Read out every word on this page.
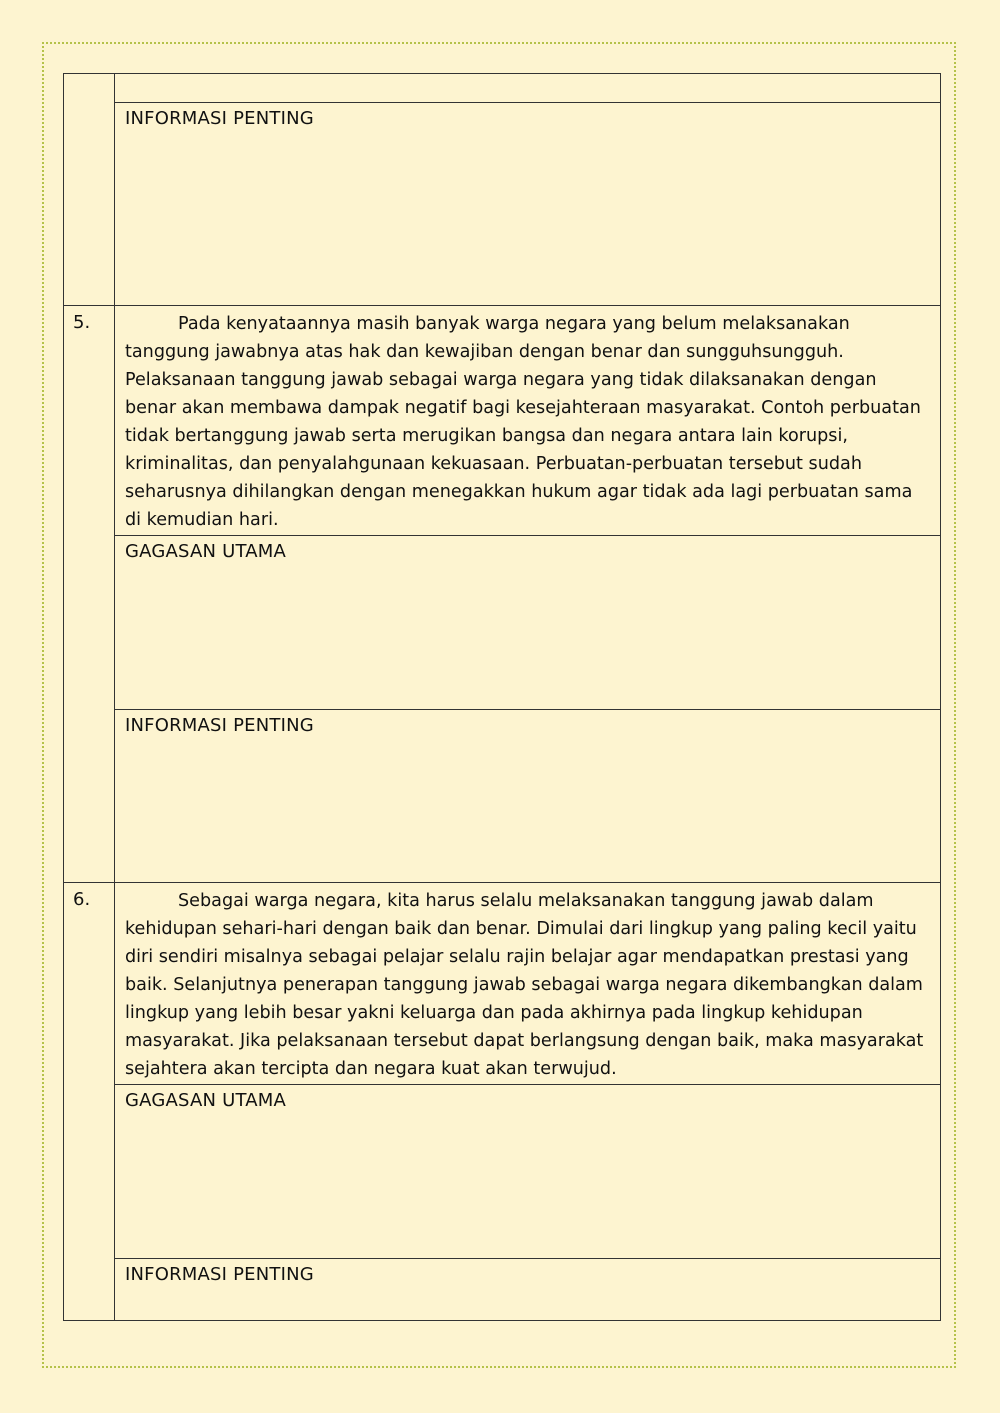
	INFORMASI PENTING

5.	Pada kenyataannya masih banyak warga negara yang belum melaksanakan tanggung jawabnya atas hak dan kewajiban dengan benar dan sungguhsungguh. Pelaksanaan tanggung jawab sebagai warga negara yang tidak dilaksanakan dengan benar akan membawa dampak negatif bagi kesejahteraan masyarakat. Contoh perbuatan tidak bertanggung jawab serta merugikan bangsa dan negara antara lain korupsi, kriminalitas, dan penyalahgunaan kekuasaan. Perbuatan-perbuatan tersebut sudah seharusnya dihilangkan dengan menegakkan hukum agar tidak ada lagi perbuatan sama di kemudian hari.

	GAGASAN UTAMA

	INFORMASI PENTING

6.	Sebagai warga negara, kita harus selalu melaksanakan tanggung jawab dalam kehidupan sehari-hari dengan baik dan benar. Dimulai dari lingkup yang paling kecil yaitu diri sendiri misalnya sebagai pelajar selalu rajin belajar agar mendapatkan prestasi yang baik. Selanjutnya penerapan tanggung jawab sebagai warga negara dikembangkan dalam lingkup yang lebih besar yakni keluarga dan pada akhirnya pada lingkup kehidupan masyarakat. Jika pelaksanaan tersebut dapat berlangsung dengan baik, maka masyarakat sejahtera akan tercipta dan negara kuat akan terwujud.

	GAGASAN UTAMA

	INFORMASI PENTING
